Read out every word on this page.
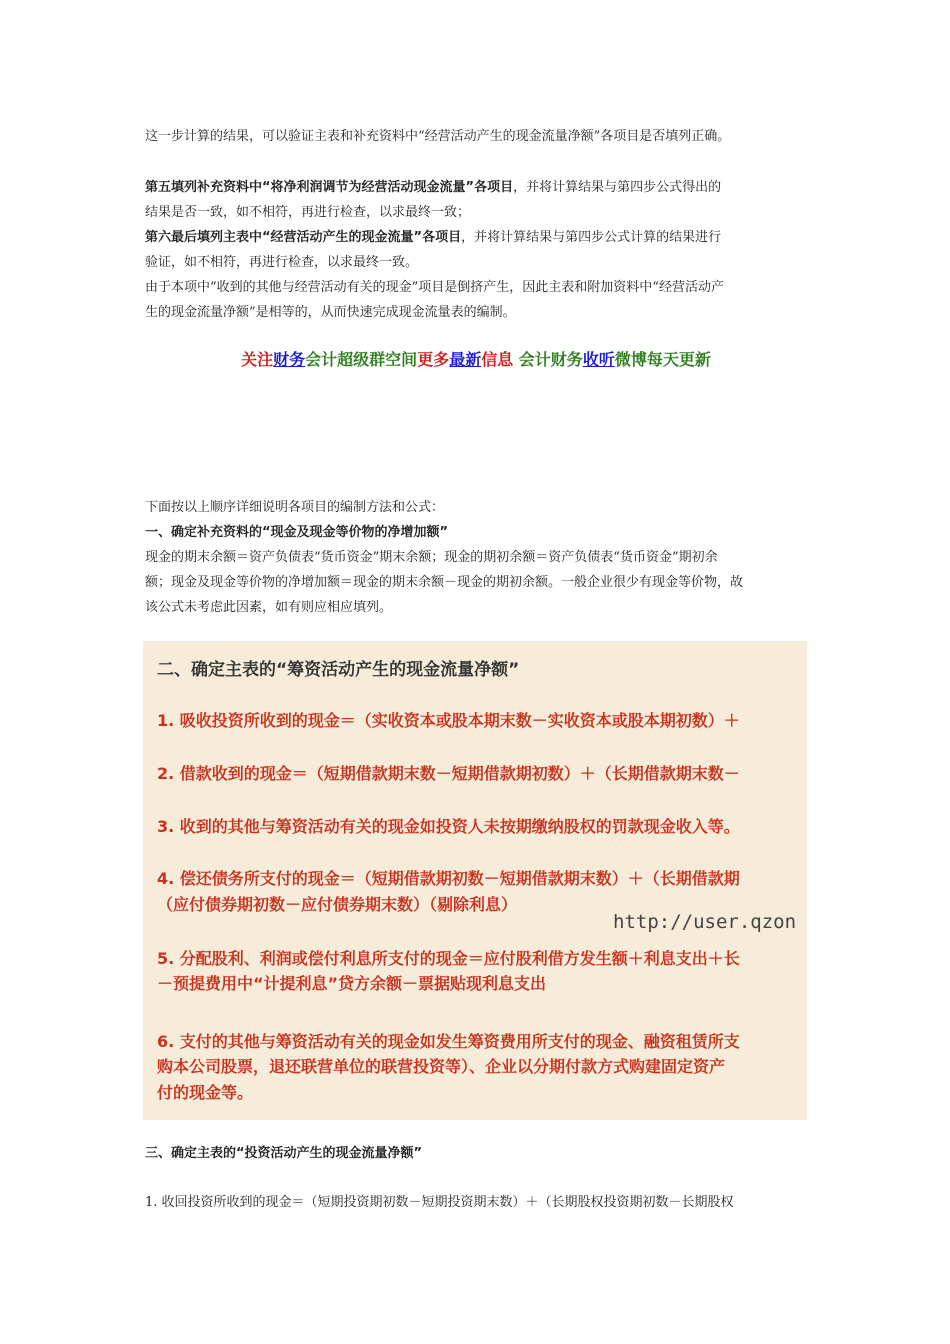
这一步计算的结果，可以验证主表和补充资料中“经营活动产生的现金流量净额”各项目是否填列正确。
第五填列补充资料中“将净利润调节为经营活动现金流量”各项目，并将计算结果与第四步公式得出的
结果是否一致，如不相符，再进行检查，以求最终一致；
第六最后填列主表中“经营活动产生的现金流量”各项目，并将计算结果与第四步公式计算的结果进行
验证，如不相符，再进行检查，以求最终一致。
由于本项中“收到的其他与经营活动有关的现金”项目是倒挤产生，因此主表和附加资料中“经营活动产
生的现金流量净额”是相等的，从而快速完成现金流量表的编制。
关注财务会计超级群空间更多最新信息 会计财务收听微博每天更新
下面按以上顺序详细说明各项目的编制方法和公式：
一、确定补充资料的“现金及现金等价物的净增加额”
现金的期末余额＝资产负债表“货币资金”期末余额；现金的期初余额＝资产负债表“货币资金”期初余
额；现金及现金等价物的净增加额＝现金的期末余额－现金的期初余额。一般企业很少有现金等价物，故
该公式未考虑此因素，如有则应相应填列。
二、确定主表的“筹资活动产生的现金流量净额”
1. 吸收投资所收到的现金＝（实收资本或股本期末数－实收资本或股本期初数）＋
2. 借款收到的现金＝（短期借款期末数－短期借款期初数）＋（长期借款期末数－
3. 收到的其他与筹资活动有关的现金如投资人未按期缴纳股权的罚款现金收入等。
4. 偿还债务所支付的现金＝（短期借款期初数－短期借款期末数）＋（长期借款期
（应付债券期初数－应付债券期末数）（剔除利息）
http://user.qzon
5. 分配股利、利润或偿付利息所支付的现金＝应付股利借方发生额＋利息支出＋长
－预提费用中“计提利息”贷方余额－票据贴现利息支出
6. 支付的其他与筹资活动有关的现金如发生筹资费用所支付的现金、融资租赁所支
购本公司股票，退还联营单位的联营投资等）、企业以分期付款方式购建固定资产
付的现金等。
三、确定主表的“投资活动产生的现金流量净额”
1. 收回投资所收到的现金＝（短期投资期初数－短期投资期末数）＋（长期股权投资期初数－长期股权
